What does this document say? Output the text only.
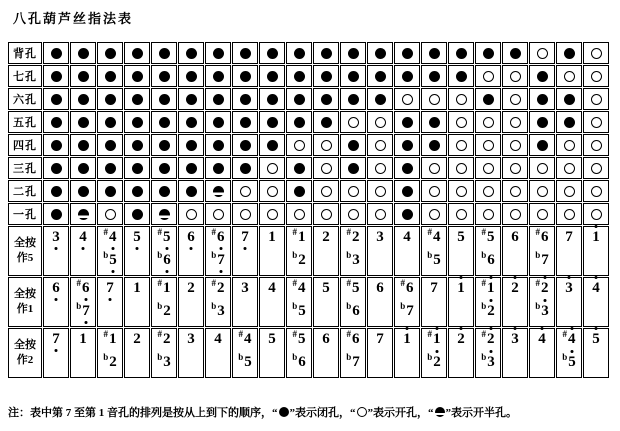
八孔葫芦丝指法表
背孔
七孔
六孔
五孔
四孔
三孔
二孔
一孔
全按
作5
3 4 # 4
b 5
5 # 5
b 6
6 # 6
b 7
7 1 # 1
b 2
2 # 2
b 3
3 4 # 4
b 5
5 # 5
b 6
6 # 6
b 7
7 1
全按
作1
6 # 6
b 7
7 1 # 1
b 2
2 # 2
b 3
3 4 # 4
b 5
5 # 5
b 6
6 # 6
b 7
7 1 # 1
b 2
2 # 2
b 3
3 4
全按
作2
7 1 # 1
b 2
2 # 2
b 3
3 4 # 4
b 5
5 # 5
b 6
6 # 6
b 7
7 1 # 1
b 2
2 # 2
b 3
3 4 # 4
b 5
5
注：表中第 7 至第 1 音孔的排列是按从上到下的顺序，“ ”表示闭孔，“ ”表示开孔，“ ”表示开半孔。
